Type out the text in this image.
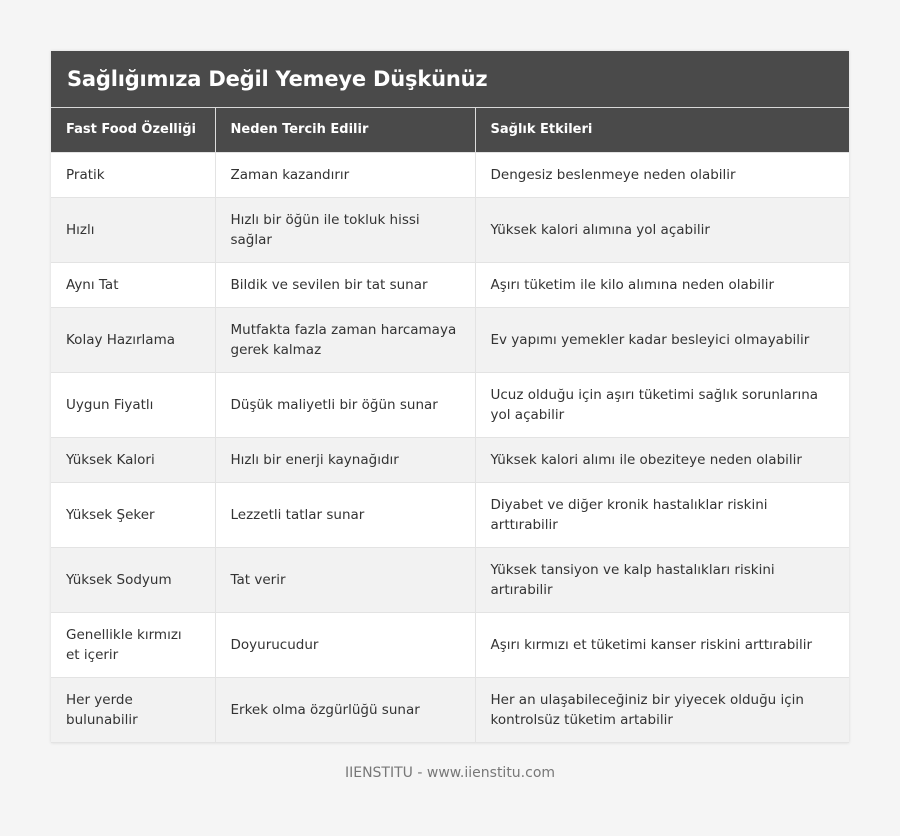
Sağlığımıza Değil Yemeye Düşkünüz
Fast Food Özelliği	Neden Tercih Edilir	Sağlık Etkileri
Pratik	Zaman kazandırır	Dengesiz beslenmeye neden olabilir
Hızlı	Hızlı bir öğün ile tokluk hissi sağlar	Yüksek kalori alımına yol açabilir
Aynı Tat	Bildik ve sevilen bir tat sunar	Aşırı tüketim ile kilo alımına neden olabilir
Kolay Hazırlama	Mutfakta fazla zaman harcamaya gerek kalmaz	Ev yapımı yemekler kadar besleyici olmayabilir
Uygun Fiyatlı	Düşük maliyetli bir öğün sunar	Ucuz olduğu için aşırı tüketimi sağlık sorunlarına yol açabilir
Yüksek Kalori	Hızlı bir enerji kaynağıdır	Yüksek kalori alımı ile obeziteye neden olabilir
Yüksek Şeker	Lezzetli tatlar sunar	Diyabet ve diğer kronik hastalıklar riskini arttırabilir
Yüksek Sodyum	Tat verir	Yüksek tansiyon ve kalp hastalıkları riskini artırabilir
Genellikle kırmızı et içerir	Doyurucudur	Aşırı kırmızı et tüketimi kanser riskini arttırabilir
Her yerde bulunabilir	Erkek olma özgürlüğü sunar	Her an ulaşabileceğiniz bir yiyecek olduğu için kontrolsüz tüketim artabilir
IIENSTITU - www.iienstitu.com
